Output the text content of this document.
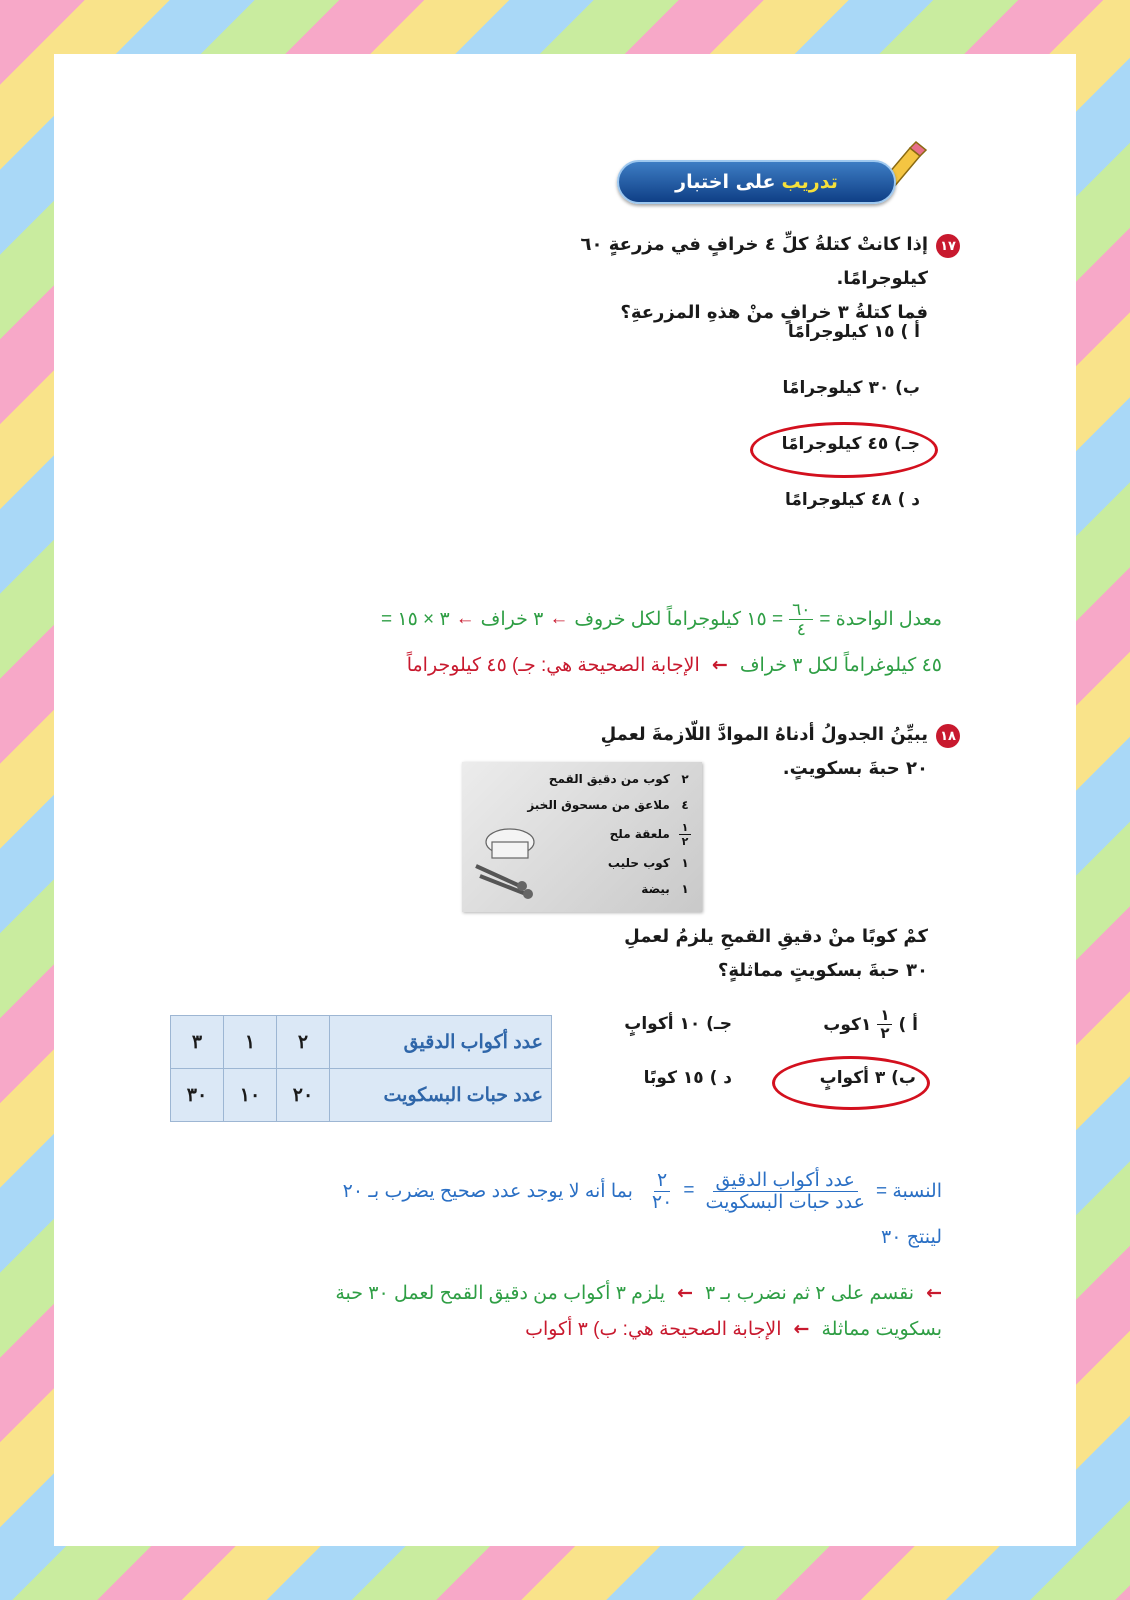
تدريب
على اختبار
١٧
إذا كانتْ كتلةُ كلِّ ٤ خرافٍ في مزرعةٍ ٦٠ كيلوجرامًا.
فما كتلةُ ٣ خرافٍ منْ هذهِ المزرعةِ؟
أ ) ١٥ كيلوجرامًا
ب) ٣٠ كيلوجرامًا
جـ) ٤٥ كيلوجرامًا
د ) ٤٨ كيلوجرامًا
معدل الواحدة =
$\frac{٦٠}{٤}$
= ١٥ كيلوجراماً لكل خروف
←
٣ خراف
←
٣ × ١٥ =
٤٥ كيلوغراماً لكل ٣ خراف ← الإجابة الصحيحة هي: جـ) ٤٥ كيلوجراماً
١٨
يبيِّنُ الجدولُ أدناهُ الموادَّ اللّازمةَ لعملِ
٢٠ حبةَ بسكويتٍ.
٢ كوب من دقيق القمح
٤ ملاعق من مسحوق الخبز
$\frac{١}{٢}$
ملعقة ملح
١ كوب حليب
١ بيضة
كمْ كوبًا منْ دقيقِ القمحِ يلزمُ لعملِ
٣٠ حبةَ بسكويتٍ مماثلةٍ؟
أ )
$\frac{١}{٢}$
١كوب
جـ) ١٠ أكوابٍ
ب) ٣ أكوابٍ
د ) ١٥ كوبًا
عدد أكواب الدقيق	٢	١	٣
عدد حبات البسكويت	٢٠	١٠	٣٠
النسبة =
$\frac{\text{عدد أكواب الدقيق}}{\text{عدد حبات البسكويت}}$
=
$\frac{٢}{٢٠}$
بما أنه لا يوجد عدد صحيح يضرب بـ ٢٠
لينتج ٣٠
← نقسم على ٢ ثم نضرب بـ ٣ ← يلزم ٣ أكواب من دقيق القمح لعمل ٣٠ حبة
بسكويت مماثلة ← الإجابة الصحيحة هي: ب) ٣ أكواب
